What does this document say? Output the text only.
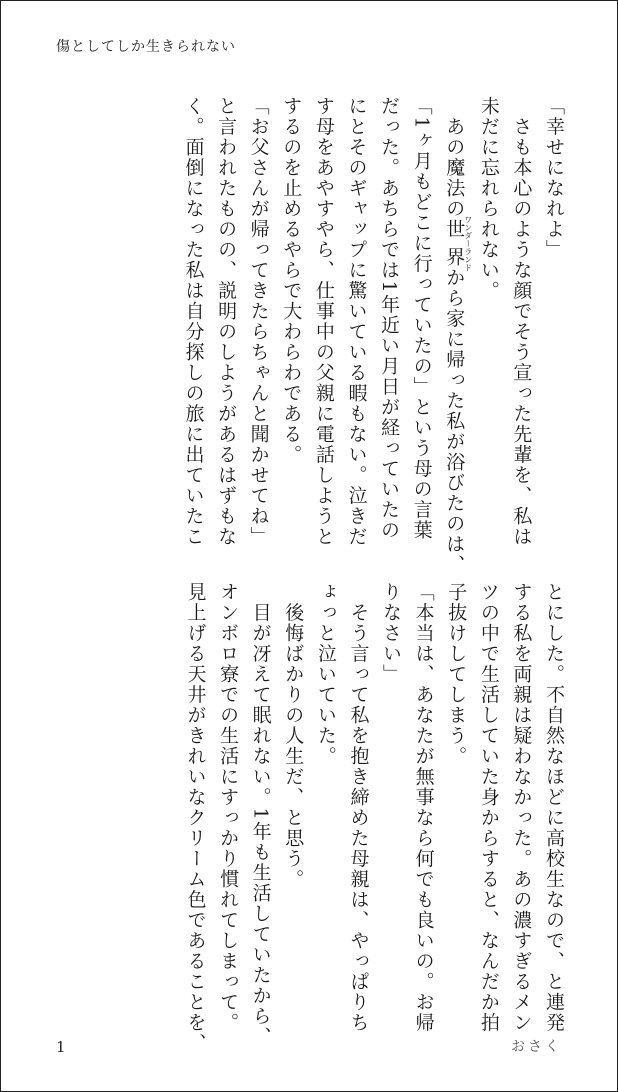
傷としてしか生きられない
「幸せになれよ」
　さも本心のような顔でそう宣った先輩を、私は
未だに忘れられない。
　あの魔法の世界ワンダーランドから家に帰った私が浴びたのは、
「1ヶ月もどこに行っていたの」という母の言葉
だった。あちらでは1年近い月日が経っていたの
にとそのギャップに驚いている暇もない。泣きだ
す母をあやすやら、仕事中の父親に電話しようと
するのを止めるやらで大わらわである。
「お父さんが帰ってきたらちゃんと聞かせてね」
と言われたものの、説明のしようがあるはずもな
く。面倒になった私は自分探しの旅に出ていたこ
とにした。不自然なほどに高校生なので、と連発
する私を両親は疑わなかった。あの濃すぎるメン
ツの中で生活していた身からすると、なんだか拍
子抜けしてしまう。
「本当は、あなたが無事なら何でも良いの。お帰
りなさい」
　そう言って私を抱き締めた母親は、やっぱりち
ょっと泣いていた。
　後悔ばかりの人生だ、と思う。
　目が冴えて眠れない。1年も生活していたから、
オンボロ寮での生活にすっかり慣れてしまって。
見上げる天井がきれいなクリーム色であることを、
1	おさく
